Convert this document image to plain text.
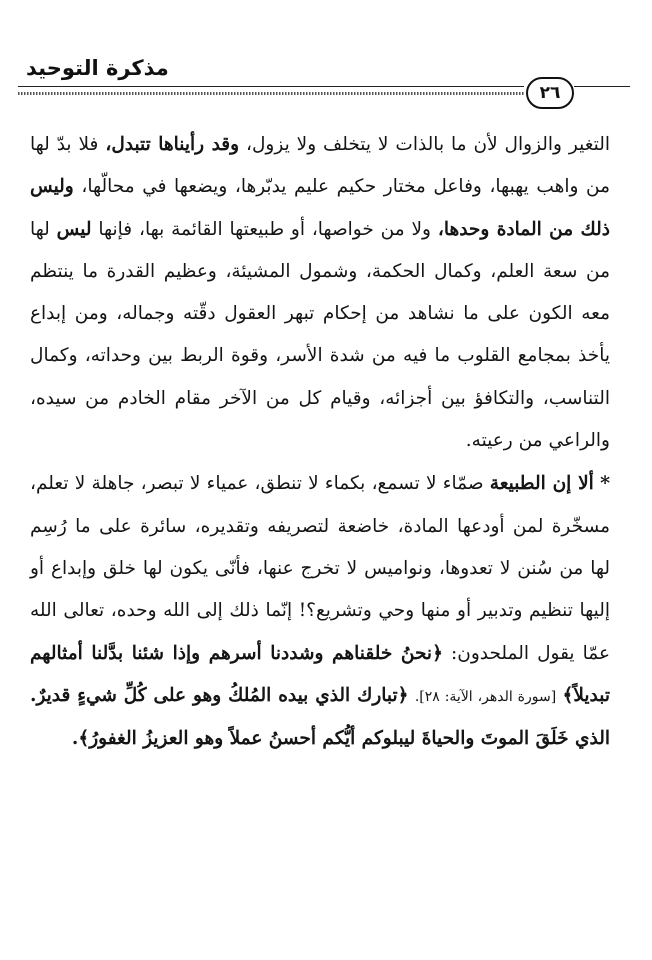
مذكرة التوحيد
٢٦

التغير والزوال لأن ما بالذات لا يتخلف ولا يزول، وقد رأيناها تتبدل، فلا بدّ لها من واهب يهبها، وفاعل مختار حكيم عليم يدبّرها، ويضعها في محالّها، وليس ذلك من المادة وحدها، ولا من خواصها، أو طبيعتها القائمة بها، فإنها ليس لها من سعة العلم، وكمال الحكمة، وشمول المشيئة، وعظيم القدرة ما ينتظم معه الكون على ما نشاهد من إحكام تبهر العقول دقّته وجماله، ومن إبداع يأخذ بمجامع القلوب ما فيه من شدة الأسر، وقوة الربط بين وحداته، وكمال التناسب، والتكافؤ بين أجزائه، وقيام كل من الآخر مقام الخادم من سيده، والراعي من رعيته.

* ألا إن الطبيعة صمّاء لا تسمع، بكماء لا تنطق، عمياء لا تبصر، جاهلة لا تعلم، مسخّرة لمن أودعها المادة، خاضعة لتصريفه وتقديره، سائرة على ما رُسِم لها من سُنن لا تعدوها، ونواميس لا تخرج عنها، فأنّى يكون لها خلق وإبداع أو إليها تنظيم وتدبير أو منها وحي وتشريع؟! إنّما ذلك إلى الله وحده، تعالى الله عمّا يقول الملحدون: ﴿نحنُ خلقناهم وشددنا أسرهم وإذا شئنا بدَّلنا أمثالهم تبديلاً﴾ [سورة الدهر، الآية: ٢٨]. ﴿تبارك الذي بيده المُلكُ وهو على كُلِّ شيءٍ قديرٌ. الذي خَلَقَ الموتَ والحياةَ ليبلوكم أيُّكم أحسنُ عملاً وهو العزيزُ الغفورُ﴾.
